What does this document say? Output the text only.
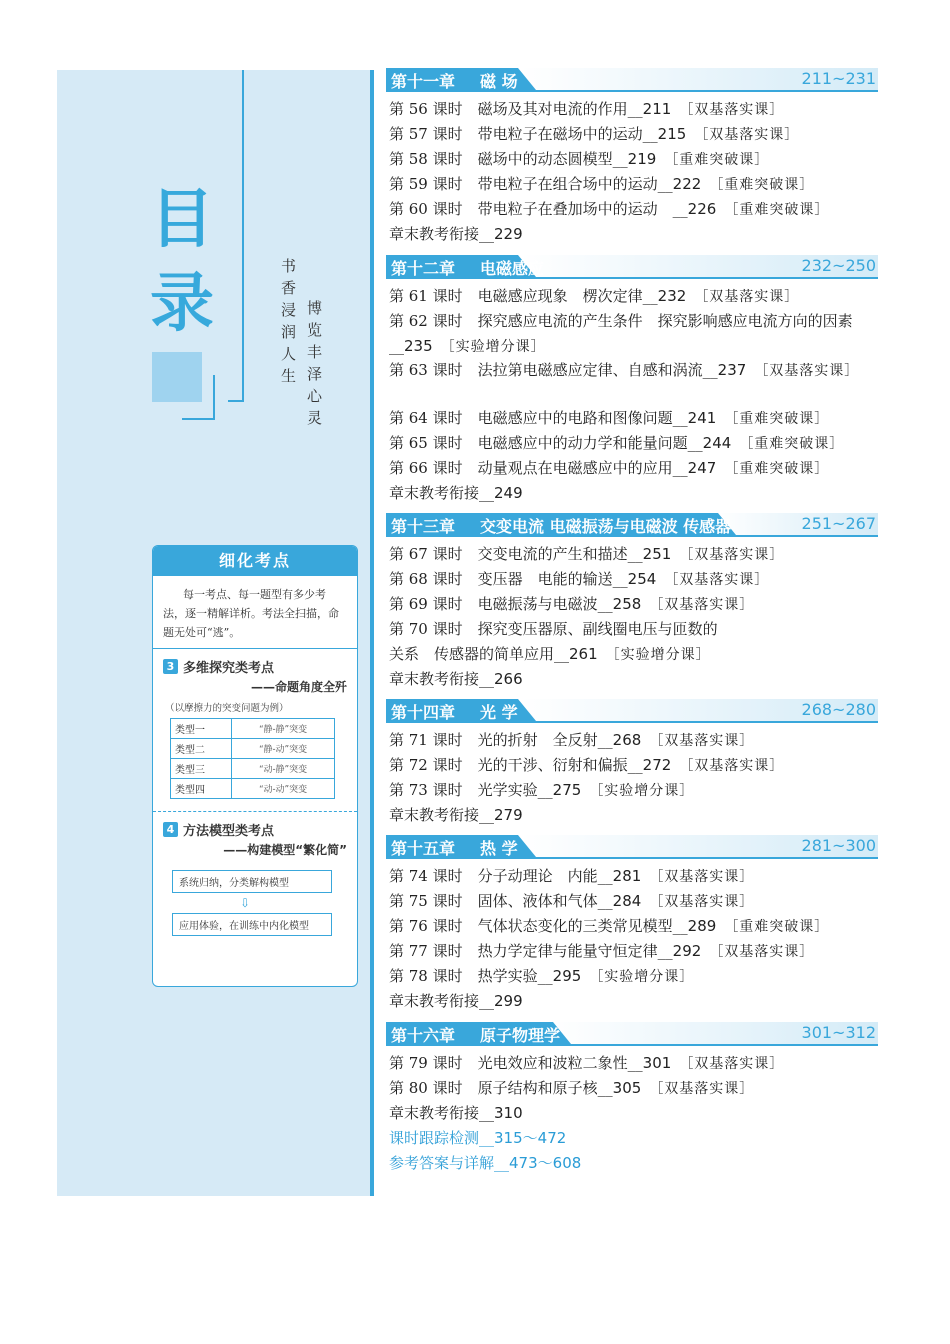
目
录	书香浸润人生 博览丰泽心灵
细化考点
每一考点、每一题型有多少考法，逐一精解详析。考法全扫描，命题无处可“逃”。
3 多维探究类考点
——命题角度全歼
（以摩擦力的突变问题为例）
类型一	“静-静”突变
类型二	“静-动”突变
类型三	“动-静”突变
类型四	“动-动”突变
4 方法模型类考点
——构建模型“繁化简”
系统归纳，分类解构模型
⇩
应用体验，在训练中内化模型
第十一章 磁 场	211~231
第十二章 电磁感应	232~250
第十三章 交变电流 电磁振荡与电磁波 传感器	251~267
第十四章 光 学	268~280
第十五章 热 学	281~300
第十六章 原子物理学	301~312
第 56 课时　 磁场及其对电流的作用__211　 ［双基落实课］
第 57 课时　 带电粒子在磁场中的运动__215　 ［双基落实课］
第 58 课时　 磁场中的动态圆模型__219　 ［重难突破课］
第 59 课时　 带电粒子在组合场中的运动__222　 ［重难突破课］
第 60 课时　 带电粒子在叠加场中的运动　__226　 ［重难突破课］
章末教考衔接__229
第 61 课时　 电磁感应现象　楞次定律__232　 ［双基落实课］
第 62 课时　 探究感应电流的产生条件　探究影响感应电流方向的因素__235　 ［实验增分课］
第 63 课时　 法拉第电磁感应定律、自感和涡流__237　 ［双基落实课］
第 64 课时　 电磁感应中的电路和图像问题__241　 ［重难突破课］
第 65 课时　 电磁感应中的动力学和能量问题__244　 ［重难突破课］
第 66 课时　 动量观点在电磁感应中的应用__247　 ［重难突破课］
章末教考衔接__249
第 67 课时　 交变电流的产生和描述__251　 ［双基落实课］
第 68 课时　 变压器　电能的输送__254　 ［双基落实课］
第 69 课时　 电磁振荡与电磁波__258　 ［双基落实课］
第 70 课时　 探究变压器原、副线圈电压与匝数的
关系　传感器的简单应用__261　 ［实验增分课］
章末教考衔接__266
第 71 课时　 光的折射　全反射__268　 ［双基落实课］
第 72 课时　 光的干涉、衍射和偏振__272　 ［双基落实课］
第 73 课时　 光学实验__275　 ［实验增分课］
章末教考衔接__279
第 74 课时　 分子动理论　内能__281　 ［双基落实课］
第 75 课时　 固体、液体和气体__284　 ［双基落实课］
第 76 课时　 气体状态变化的三类常见模型__289　 ［重难突破课］
第 77 课时　 热力学定律与能量守恒定律__292　 ［双基落实课］
第 78 课时　 热学实验__295　 ［实验增分课］
章末教考衔接__299
第 79 课时　 光电效应和波粒二象性__301　 ［双基落实课］
第 80 课时　 原子结构和原子核__305　 ［双基落实课］
章末教考衔接__310
课时跟踪检测__315～472
参考答案与详解__473～608
